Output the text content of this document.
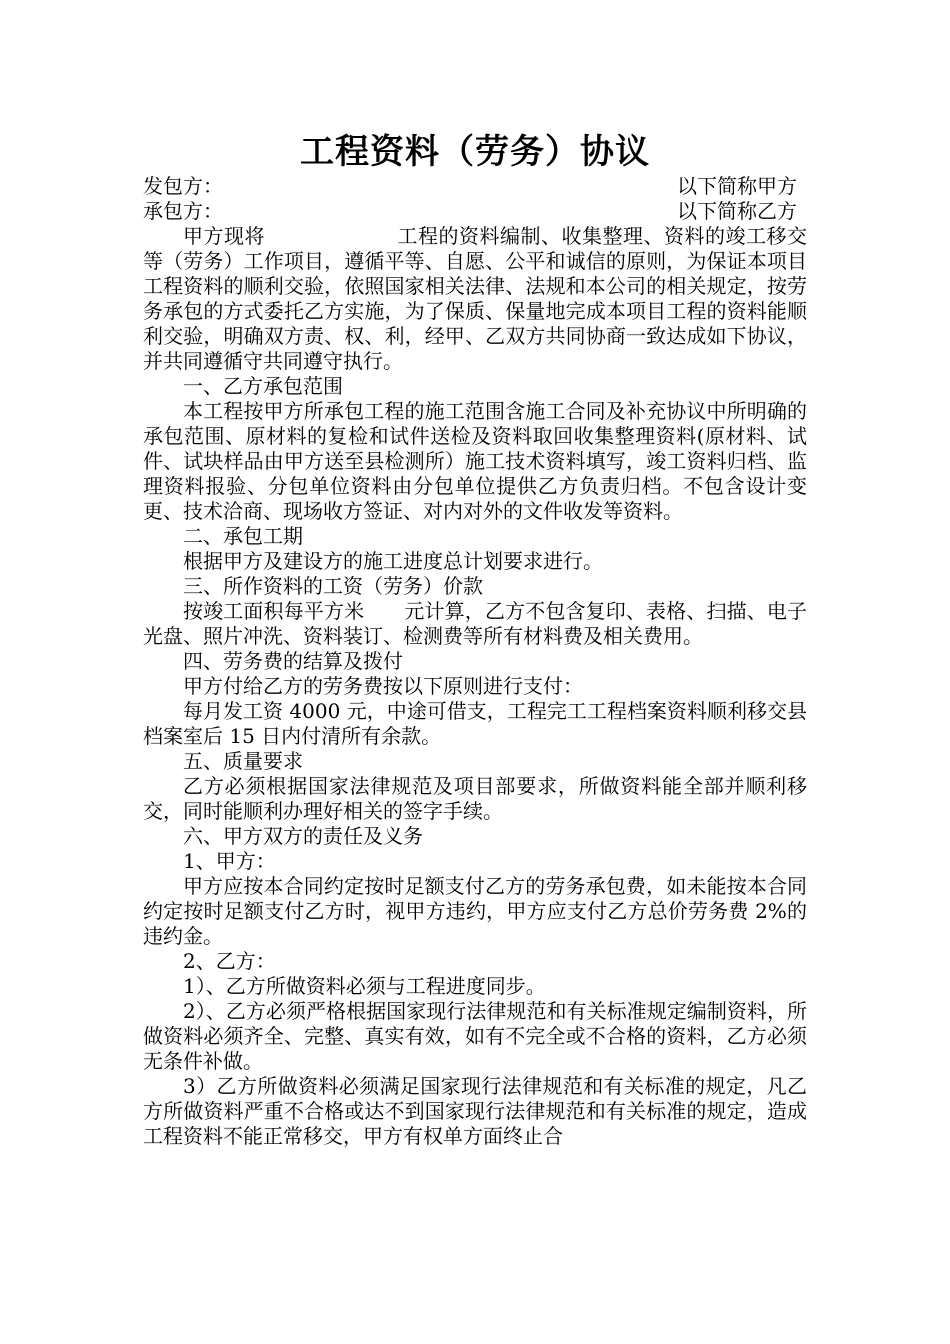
工程资料（劳务）协议
发包方：	以下简称甲方
承包方：	以下简称乙方

甲方现将	工程的资料编制、收集整理、资料的竣工移交等（劳务）工作项目，遵循平等、自愿、公平和诚信的原则，为保证本项目工程资料的顺利交验，依照国家相关法律、法规和本公司的相关规定，按劳务承包的方式委托乙方实施，为了保质、保量地完成本项目工程的资料能顺利交验，明确双方责、权、利，经甲、乙双方共同协商一致达成如下协议，并共同遵循守共同遵守执行。

一、乙方承包范围

本工程按甲方所承包工程的施工范围含施工合同及补充协议中所明确的承包范围、原材料的复检和试件送检及资料取回收集整理资料(原材料、试件、试块样品由甲方送至县检测所）施工技术资料填写，竣工资料归档、监理资料报验、分包单位资料由分包单位提供乙方负责归档。不包含设计变更、技术洽商、现场收方签证、对内对外的文件收发等资料。

二、承包工期

根据甲方及建设方的施工进度总计划要求进行。

三、所作资料的工资（劳务）价款

按竣工面积每平方米 元计算，乙方不包含复印、表格、扫描、电子光盘、照片冲洗、资料装订、检测费等所有材料费及相关费用。

四、劳务费的结算及拨付

甲方付给乙方的劳务费按以下原则进行支付：

每月发工资 4000 元，中途可借支，工程完工工程档案资料顺利移交县档案室后 15 日内付清所有余款。

五、质量要求

乙方必须根据国家法律规范及项目部要求，所做资料能全部并顺利移交，同时能顺利办理好相关的签字手续。

六、甲方双方的责任及义务

1、甲方：

甲方应按本合同约定按时足额支付乙方的劳务承包费，如未能按本合同约定按时足额支付乙方时，视甲方违约，甲方应支付乙方总价劳务费 2%的违约金。

2、乙方：

1）、乙方所做资料必须与工程进度同步。

2）、乙方必须严格根据国家现行法律规范和有关标准规定编制资料，所做资料必须齐全、完整、真实有效，如有不完全或不合格的资料，乙方必须无条件补做。

3）乙方所做资料必须满足国家现行法律规范和有关标准的规定，凡乙方所做资料严重不合格或达不到国家现行法律规范和有关标准的规定，造成工程资料不能正常移交，甲方有权单方面终止合
